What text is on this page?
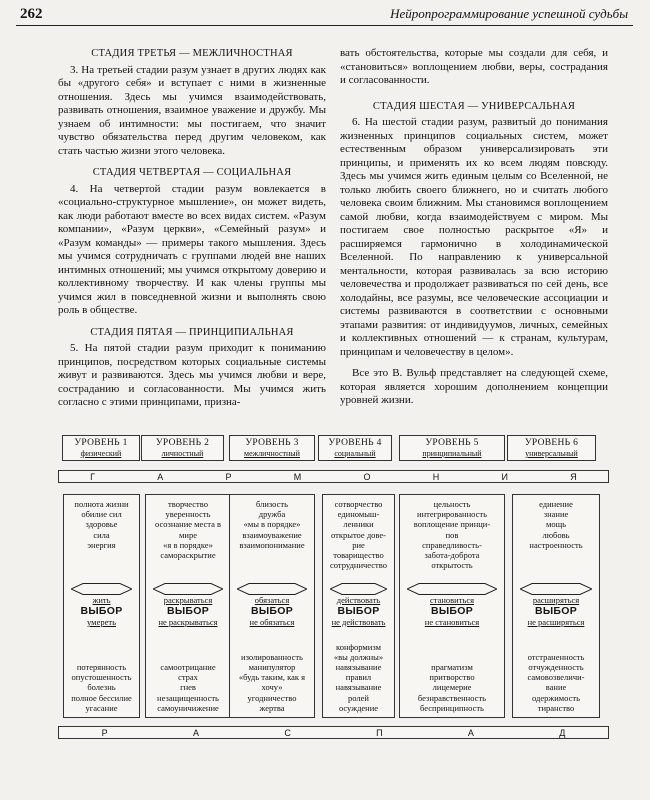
262	Нейропрограммирование успешной судьбы
СТАДИЯ ТРЕТЬЯ — МЕЖЛИЧНОСТНАЯ

3. На третьей стадии разум узнает в других людях как бы «другого себя» и вступает с ними в жизненные отношения. Здесь мы учимся взаимодействовать, развивать отношения, взаимное уважение и дружбу. Мы узнаем об интимности: мы постигаем, что значит чувство обязательства перед другим человеком, как стать частью жизни этого человека.

СТАДИЯ ЧЕТВЕРТАЯ — СОЦИАЛЬНАЯ

4. На четвертой стадии разум вовлекается в «социально-структурное мышление», он может видеть, как люди работают вместе во всех видах систем. «Разум компании», «Разум церкви», «Семейный разум» и «Разум команды» — примеры такого мышления. Здесь мы учимся сотрудничать с группами людей вне наших интимных отношений; мы учимся открытому доверию и коллективному творчеству. И как члены группы мы учимся жил в повседневной жизни и выполнять свою роль в обществе.

СТАДИЯ ПЯТАЯ — ПРИНЦИПИАЛЬНАЯ

5. На пятой стадии разум приходит к пониманию принципов, посредством которых социальные системы живут и развиваются. Здесь мы учимся любви и вере, состраданию и согласованности. Мы учимся жить согласно с этими принципами, призна-

вать обстоятельства, которые мы создали для себя, и «становиться» воплощением любви, веры, сострадания и согласованности.

СТАДИЯ ШЕСТАЯ — УНИВЕРСАЛЬНАЯ

6. На шестой стадии разум, развитый до понимания жизненных принципов социальных систем, может естественным образом универсализировать эти принципы, и применять их ко всем людям повсюду. Здесь мы учимся жить единым целым со Вселенной, не только любить своего ближнего, но и считать любого человека своим ближним. Мы становимся воплощением самой любви, когда взаимодействуем с миром. Мы постигаем свое полностью раскрытое «Я» и расширяемся гармонично в холодинамической Вселенной. По направлению к универсальной ментальности, которая развивалась за всю историю человечества и продолжает развиваться по сей день, все холодайны, все разумы, все человеческие ассоциации и системы развиваются в соответствии с основными этапами развития: от индивидуумов, личных, семейных и коллективных отношений — к странам, культурам, принципам и человечеству в целом».

Все это В. Вульф представляет на следующей схеме, которая является хорошим дополнением концепции уровней жизни.

Г	А	Р	М	О	Н	И	Я
Р	А	С	П	А	Д
УРОВЕНЬ 1
физический
полнота жизни
обилие сил
здоровье
сила
энергия
жить
ВЫБОР
умереть
потерянность
опустошенность
болезнь
полное бессилие
угасание
УРОВЕНЬ 2
личностный
творчество
уверенность
осознание места в
мире
«я в порядке»
самораскрытие
раскрываться
ВЫБОР
не раскрываться
самоотрицание
страх
гнев
незащищенность
самоуничижение
УРОВЕНЬ 3
межличностный
близость
дружба
«мы в порядке»
взаимоуважение
взаимопонимание
обязаться
ВЫБОР
не обязаться
изолированность
манипулятор
«будь таким, как я
хочу»
угодничество
жертва
УРОВЕНЬ 4
социальный
сотворчество
единомыш-
ленники
открытое дове-
рие
товарищество
сотрудничество
действовать
ВЫБОР
не действовать
конформизм
«вы должны»
навязывание
правил
навязывание
ролей
осуждение
УРОВЕНЬ 5
принципиальный
цельность
интегрированность
воплощение принци-
пов
справедливость-
забота-доброта
открытость
становиться
ВЫБОР
не становиться
прагматизм
притворство
лицемерие
безнравственность
беспринципность
УРОВЕНЬ 6
универсальный
единение
знание
мощь
любовь
настроенность
расширяться
ВЫБОР
не расширяться
отстраненность
отчужденность
самовозвеличи-
вание
одержимость
тиранство
